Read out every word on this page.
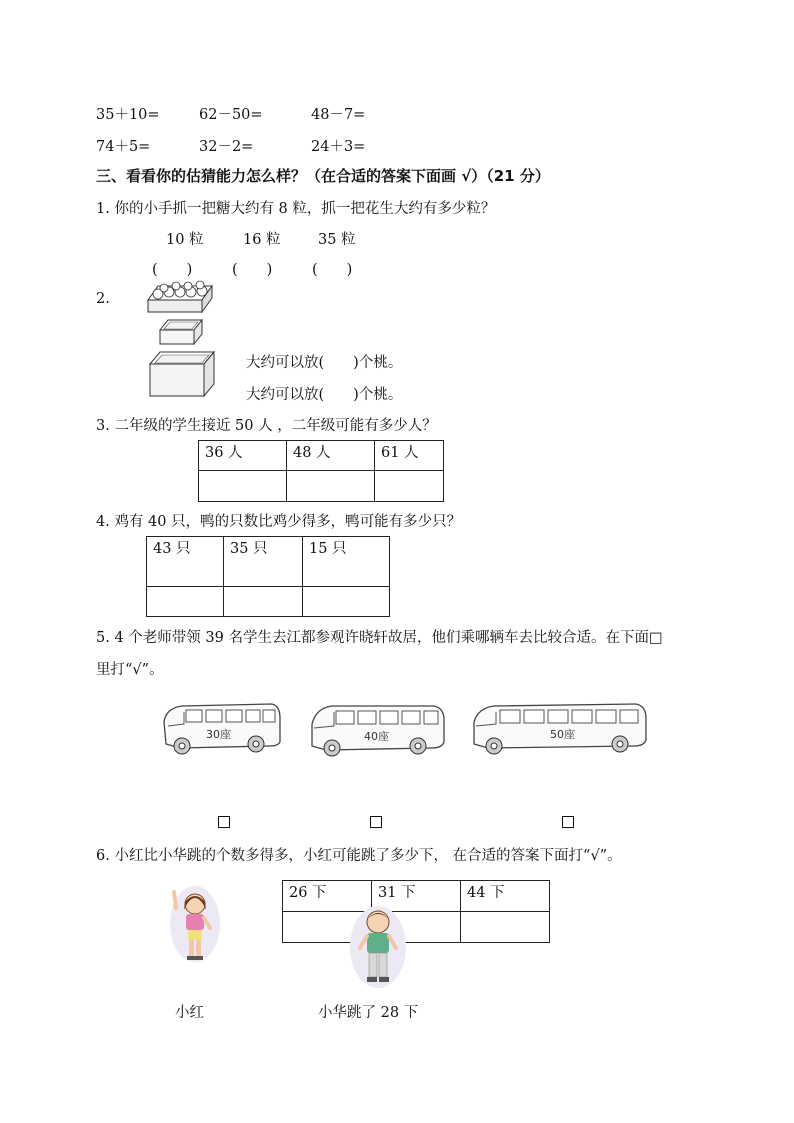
35＋10=	62－50=	48－7=
74＋5=	32－2=	24＋3=
三、看看你的估猜能力怎么样？（在合适的答案下面画 √）（21 分）
1. 你的小手抓一把糖大约有 8 粒，抓一把花生大约有多少粒？
10 粒	16 粒	35 粒
(　　)	(　　)	(　　)
2.
大约可以放(　　)个桃。
大约可以放(　　)个桃。
3. 二年级的学生接近 50 人 ，二年级可能有多少人？
36 人	48 人	61 人

4. 鸡有 40 只，鸭的只数比鸡少得多，鸭可能有多少只？
43 只	35 只	15 只

5. 4 个老师带领 39 名学生去江都参观许晓轩故居，他们乘哪辆车去比较合适。在下面□
里打“√”。
30座	40座	50座
6. 小红比小华跳的个数多得多，小红可能跳了多少下， 在合适的答案下面打“√”。
26 下	31 下	44 下

小红	小华跳了 28 下
